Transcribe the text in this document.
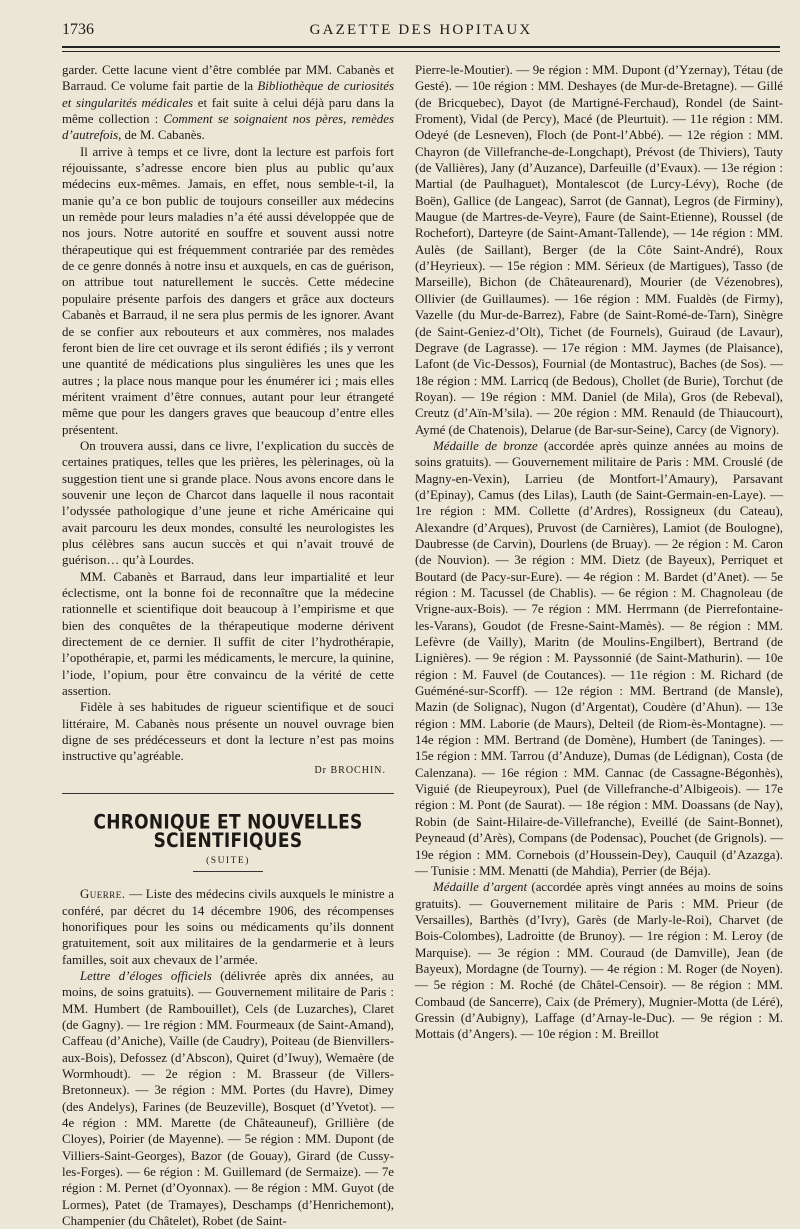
1736	GAZETTE DES HOPITAUX

garder. Cette lacune vient d’être comblée par MM. Cabanès et Barraud. Ce volume fait partie de la Bibliothèque de curiosités et singularités médicales et fait suite à celui déjà paru dans la même collection : Comment se soignaient nos pères, remèdes d’autrefois, de M. Cabanès.

Il arrive à temps et ce livre, dont la lecture est parfois fort réjouissante, s’adresse encore bien plus au public qu’aux médecins eux-mêmes. Jamais, en effet, nous semble-t-il, la manie qu’a ce bon public de toujours conseiller aux médecins un remède pour leurs maladies n’a été aussi développée que de nos jours. Notre autorité en souffre et souvent aussi notre thérapeutique qui est fréquemment contrariée par des remèdes de ce genre donnés à notre insu et auxquels, en cas de guérison, on attribue tout naturellement le succès. Cette médecine populaire présente parfois des dangers et grâce aux docteurs Cabanès et Barraud, il ne sera plus permis de les ignorer. Avant de se confier aux rebouteurs et aux commères, nos malades feront bien de lire cet ouvrage et ils seront édifiés ; ils y verront une quantité de médications plus singulières les unes que les autres ; la place nous manque pour les énumérer ici ; mais elles méritent vraiment d’être connues, autant pour leur étrangeté même que pour les dangers graves que beaucoup d’entre elles présentent.

On trouvera aussi, dans ce livre, l’explication du succès de certaines pratiques, telles que les prières, les pèlerinages, où la suggestion tient une si grande place. Nous avons encore dans le souvenir une leçon de Charcot dans laquelle il nous racontait l’odyssée pathologique d’une jeune et riche Américaine qui avait parcouru les deux mondes, consulté les neurologistes les plus célèbres sans aucun succès et qui n’avait trouvé de guérison… qu’à Lourdes.

MM. Cabanès et Barraud, dans leur impartialité et leur éclectisme, ont la bonne foi de reconnaître que la médecine rationnelle et scientifique doit beaucoup à l’empirisme et que bien des conquêtes de la thérapeutique moderne dérivent directement de ce dernier. Il suffit de citer l’hydrothérapie, l’opothérapie, et, parmi les médicaments, le mercure, la quinine, l’iode, l’opium, pour être convaincu de la vérité de cette assertion.

Fidèle à ses habitudes de rigueur scientifique et de souci littéraire, M. Cabanès nous présente un nouvel ouvrage bien digne de ses prédécesseurs et dont la lecture n’est pas moins instructive qu’agréable.

Dr BROCHIN.
CHRONIQUE ET NOUVELLES SCIENTIFIQUES
(SUITE)

Guerre. — Liste des médecins civils auxquels le ministre a conféré, par décret du 14 décembre 1906, des récompenses honorifiques pour les soins ou médicaments qu’ils donnent gratuitement, soit aux militaires de la gendarmerie et à leurs familles, soit aux chevaux de l’armée.

Lettre d’éloges officiels (délivrée après dix années, au moins, de soins gratuits). — Gouvernement militaire de Paris : MM. Humbert (de Rambouillet), Cels (de Luzarches), Claret (de Gagny). — 1re région : MM. Fourmeaux (de Saint-Amand), Caffeau (d’Aniche), Vaille (de Caudry), Poiteau (de Bienvillers-aux-Bois), Defossez (d’Abscon), Quiret (d’Iwuy), Wemaère (de Wormhoudt). — 2e région : M. Brasseur (de Villers-Bretonneux). — 3e région : MM. Portes (du Havre), Dimey (des Andelys), Farines (de Beuzeville), Bosquet (d’Yvetot). — 4e région : MM. Marette (de Châteauneuf), Grillière (de Cloyes), Poirier (de Mayenne). — 5e région : MM. Dupont (de Villiers-Saint-Georges), Bazor (de Gouay), Girard (de Cussy-les-Forges). — 6e région : M. Guillemard (de Sermaize). — 7e région : M. Pernet (d’Oyonnax). — 8e région : MM. Guyot (de Lormes), Patet (de Tramayes), Deschamps (d’Henrichemont), Champenier (du Châtelet), Robet (de Saint-

Pierre-le-Moutier). — 9e région : MM. Dupont (d’Yzernay), Tétau (de Gesté). — 10e région : MM. Deshayes (de Mur-de-Bretagne). — Gillé (de Bricquebec), Dayot (de Martigné-Ferchaud), Rondel (de Saint-Froment), Vidal (de Percy), Macé (de Pleurtuit). — 11e région : MM. Odeyé (de Lesneven), Floch (de Pont-l’Abbé). — 12e région : MM. Chayron (de Villefranche-de-Longchapt), Prévost (de Thiviers), Tauty (de Vallières), Jany (d’Auzance), Darfeuille (d’Evaux). — 13e région : Martial (de Paulhaguet), Montalescot (de Lurcy-Lévy), Roche (de Boën), Gallice (de Langeac), Sarrot (de Gannat), Legros (de Firminy), Maugue (de Martres-de-Veyre), Faure (de Saint-Etienne), Roussel (de Rochefort), Darteyre (de Saint-Amant-Tallende), — 14e région : MM. Aulès (de Saillant), Berger (de la Côte Saint-André), Roux (d’Heyrieux). — 15e région : MM. Sérieux (de Martigues), Tasso (de Marseille), Bichon (de Châteaurenard), Mourier (de Vézenobres), Ollivier (de Guillaumes). — 16e région : MM. Fualdès (de Firmy), Vazelle (du Mur-de-Barrez), Fabre (de Saint-Romé-de-Tarn), Sinègre (de Saint-Geniez-d’Olt), Tichet (de Fournels), Guiraud (de Lavaur), Degrave (de Lagrasse). — 17e région : MM. Jaymes (de Plaisance), Lafont (de Vic-Dessos), Fournial (de Montastruc), Baches (de Sos). — 18e région : MM. Larricq (de Bedous), Chollet (de Burie), Torchut (de Royan). — 19e région : MM. Daniel (de Mila), Gros (de Rebeval), Creutz (d’Aïn-M’sila). — 20e région : MM. Renauld (de Thiaucourt), Aymé (de Chatenois), Delarue (de Bar-sur-Seine), Carcy (de Vignory).

Médaille de bronze (accordée après quinze années au moins de soins gratuits). — Gouvernement militaire de Paris : MM. Crouslé (de Magny-en-Vexin), Larrieu (de Montfort-l’Amaury), Parsavant (d’Epinay), Camus (des Lilas), Lauth (de Saint-Germain-en-Laye). — 1re région : MM. Collette (d’Ardres), Rossigneux (du Cateau), Alexandre (d’Arques), Pruvost (de Carnières), Lamiot (de Boulogne), Daubresse (de Carvin), Dourlens (de Bruay). — 2e région : M. Caron (de Nouvion). — 3e région : MM. Dietz (de Bayeux), Perriquet et Boutard (de Pacy-sur-Eure). — 4e région : M. Bardet (d’Anet). — 5e région : M. Tacussel (de Chablis). — 6e région : M. Chagnoleau (de Vrigne-aux-Bois). — 7e région : MM. Herrmann (de Pierrefontaine-les-Varans), Goudot (de Fresne-Saint-Mamès). — 8e région : MM. Lefèvre (de Vailly), Maritn (de Moulins-Engilbert), Bertrand (de Lignières). — 9e région : M. Payssonnié (de Saint-Mathurin). — 10e région : M. Fauvel (de Coutances). — 11e région : M. Richard (de Guéméné-sur-Scorff). — 12e région : MM. Bertrand (de Mansle), Mazin (de Solignac), Nugon (d’Argentat), Coudère (d’Ahun). — 13e région : MM. Laborie (de Maurs), Delteil (de Riom-ès-Montagne). — 14e région : MM. Bertrand (de Domène), Humbert (de Taninges). — 15e région : MM. Tarrou (d’Anduze), Dumas (de Lédignan), Costa (de Calenzana). — 16e région : MM. Cannac (de Cassagne-Bégonhès), Viguié (de Rieupeyroux), Puel (de Villefranche-d’Albigeois). — 17e région : M. Pont (de Saurat). — 18e région : MM. Doassans (de Nay), Robin (de Saint-Hilaire-de-Villefranche), Eveillé (de Saint-Bonnet), Peyneaud (d’Arès), Compans (de Podensac), Pouchet (de Grignols). — 19e région : MM. Cornebois (d’Houssein-Dey), Cauquil (d’Azazga). — Tunisie : MM. Menatti (de Mahdia), Perrier (de Béja).

Médaille d’argent (accordée après vingt années au moins de soins gratuits). — Gouvernement militaire de Paris : MM. Prieur (de Versailles), Barthès (d’Ivry), Garès (de Marly-le-Roi), Charvet (de Bois-Colombes), Ladroitte (de Brunoy). — 1re région : M. Leroy (de Marquise). — 3e région : MM. Couraud (de Damville), Jean (de Bayeux), Mordagne (de Tourny). — 4e région : M. Roger (de Noyen). — 5e région : M. Roché (de Châtel-Censoir). — 8e région : MM. Combaud (de Sancerre), Caix (de Prémery), Mugnier-Motta (de Léré), Gressin (d’Aubigny), Laffage (d’Arnay-le-Duc). — 9e région : M. Mottais (d’Angers). — 10e région : M. Breillot
